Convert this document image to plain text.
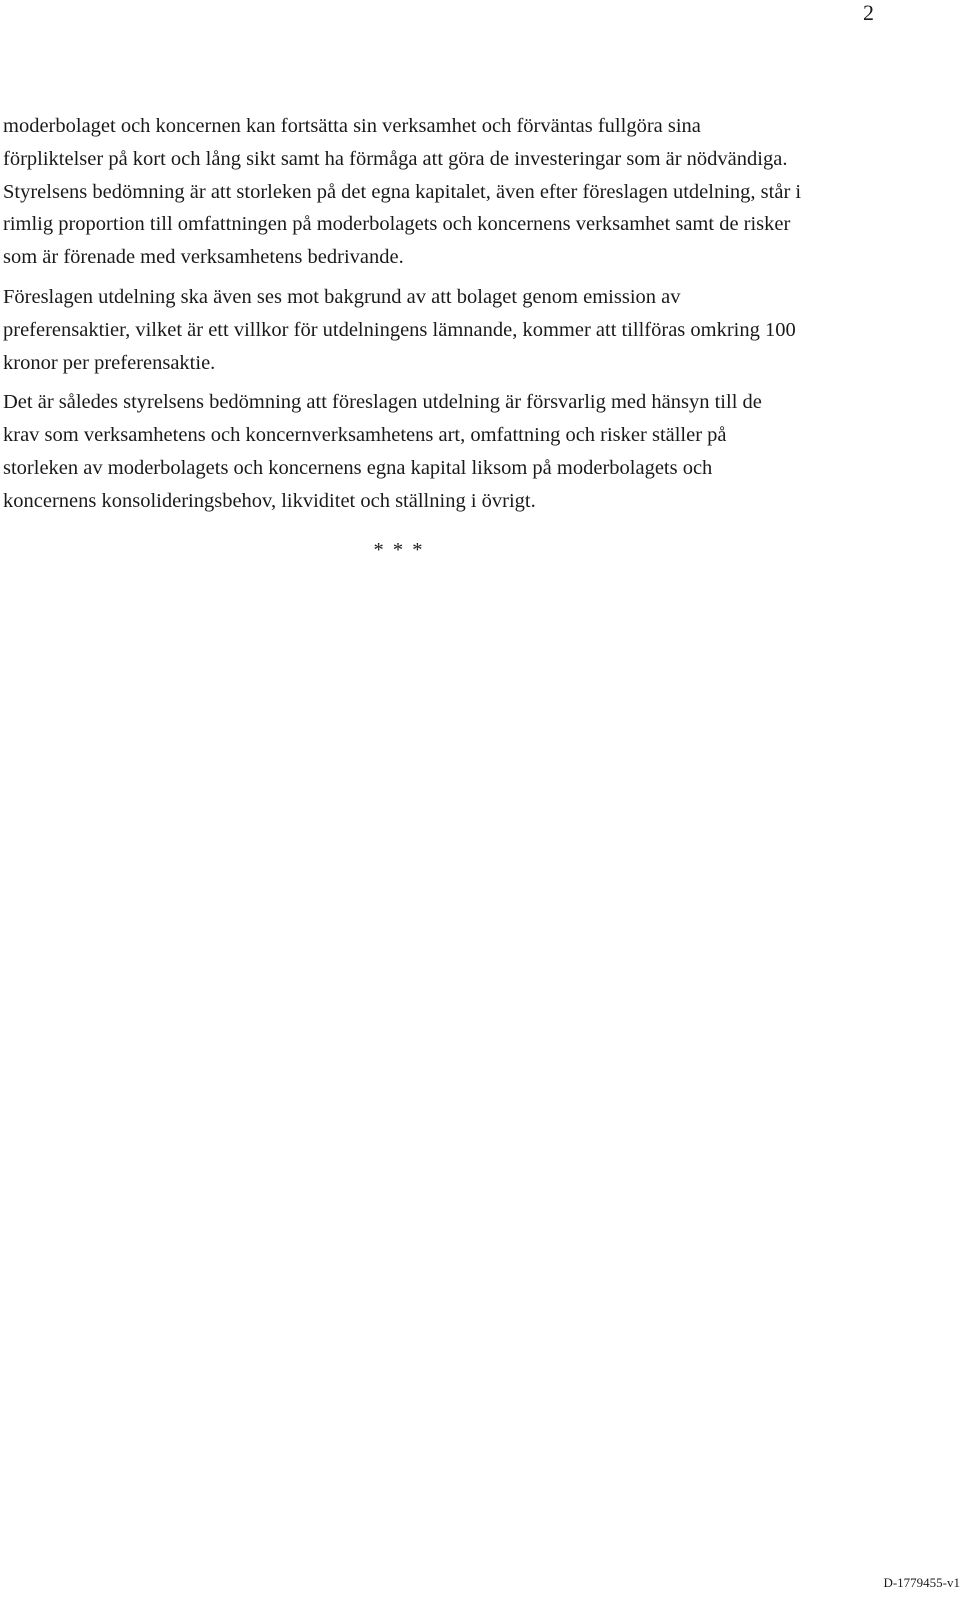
2

moderbolaget och koncernen kan fortsätta sin verksamhet och förväntas fullgöra sina förpliktelser på kort och lång sikt samt ha förmåga att göra de investeringar som är nödvändiga. Styrelsens bedömning är att storleken på det egna kapitalet, även efter föreslagen utdelning, står i rimlig proportion till omfattningen på moderbolagets och koncernens verksamhet samt de risker som är förenade med verksamhetens bedrivande.

Föreslagen utdelning ska även ses mot bakgrund av att bolaget genom emission av preferensaktier, vilket är ett villkor för utdelningens lämnande, kommer att tillföras omkring 100 kronor per preferensaktie.

Det är således styrelsens bedömning att föreslagen utdelning är försvarlig med hänsyn till de krav som verksamhetens och koncernverksamhetens art, omfattning och risker ställer på storleken av moderbolagets och koncernens egna kapital liksom på moderbolagets och koncernens konsolideringsbehov, likviditet och ställning i övrigt.

* * *
D-1779455-v1
